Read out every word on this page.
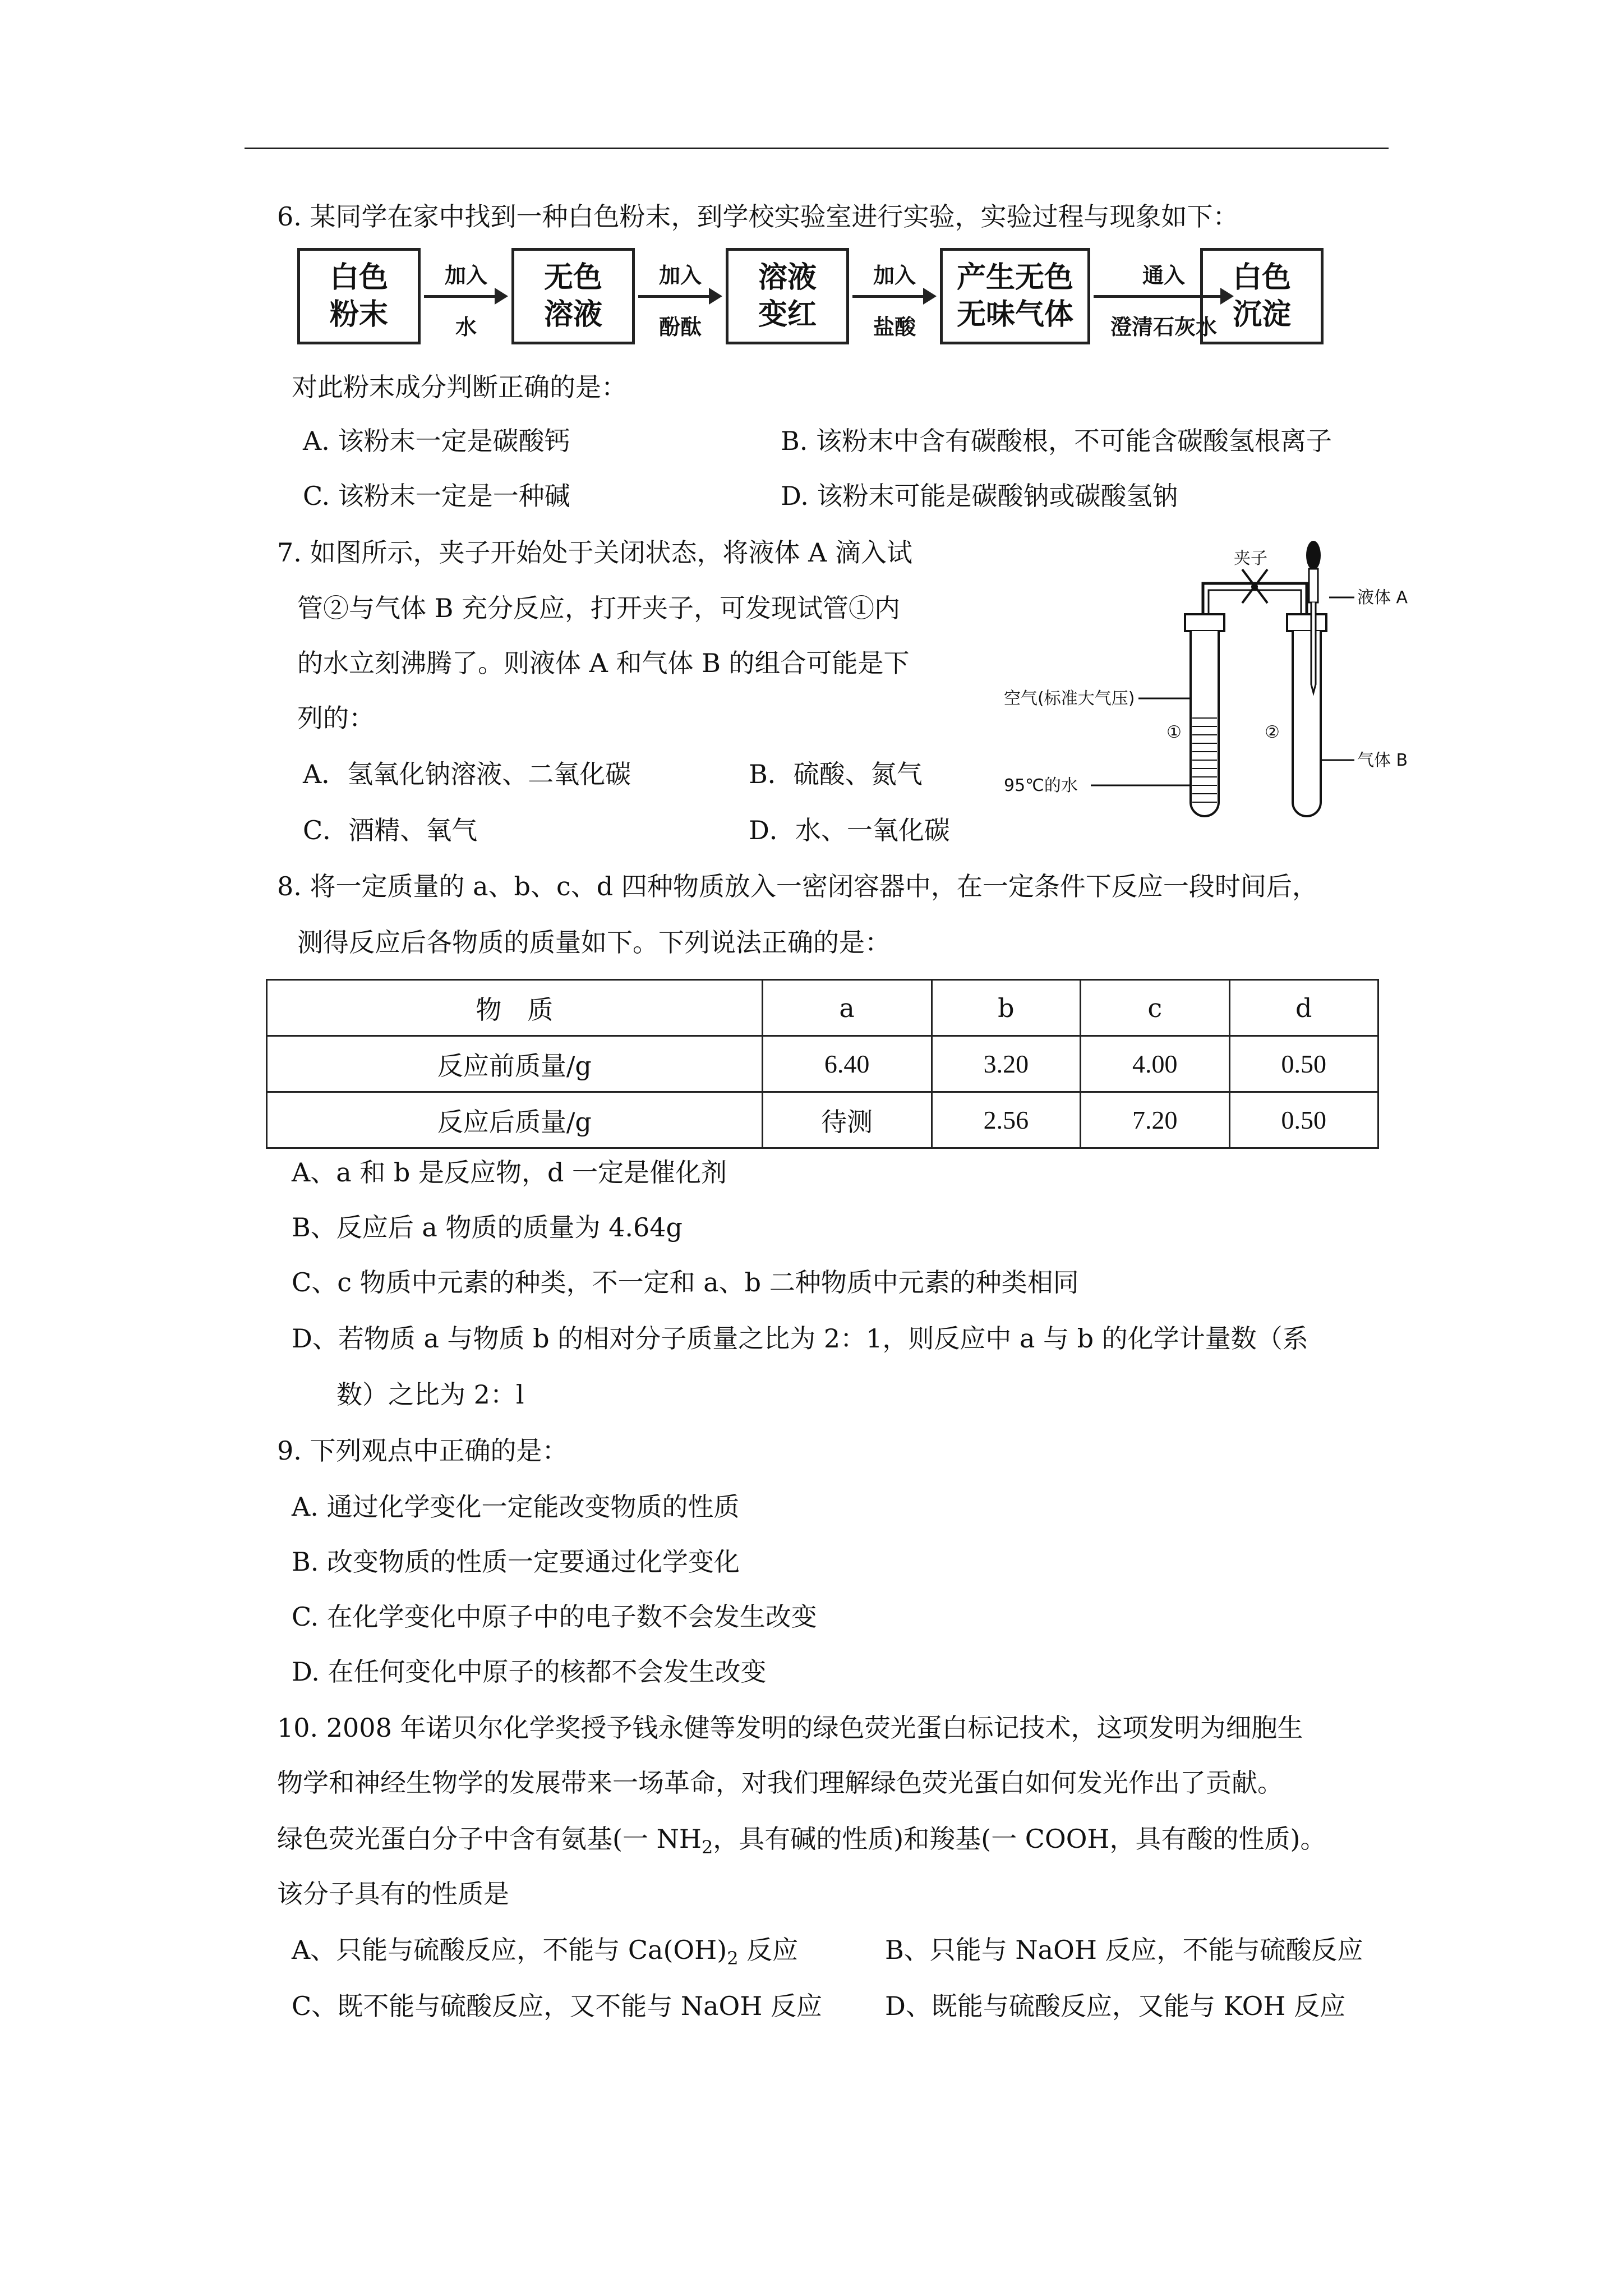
6. 某同学在家中找到一种白色粉末，到学校实验室进行实验，实验过程与现象如下：
白色
粉末
加入
水
无色
溶液
加入
酚酞
溶液
变红
加入
盐酸
产生无色
无味气体
通入
澄清石灰水
白色
沉淀
对此粉末成分判断正确的是：
A. 该粉末一定是碳酸钙	B. 该粉末中含有碳酸根，不可能含碳酸氢根离子
C. 该粉末一定是一种碱	D. 该粉末可能是碳酸钠或碳酸氢钠
7. 如图所示，夹子开始处于关闭状态，将液体 A 滴入试
管②与气体 B 充分反应，打开夹子，可发现试管①内
的水立刻沸腾了。则液体 A 和气体 B 的组合可能是下
列的：
A．氢氧化钠溶液、二氧化碳	B．硫酸、氮气
C．酒精、氧气	D．水、一氧化碳
夹子
液体 A
空气(标准大气压)
①	②
气体 B
95℃的水
8. 将一定质量的 a、b、c、d 四种物质放入一密闭容器中，在一定条件下反应一段时间后，
测得反应后各物质的质量如下。下列说法正确的是：
物　质	a	b	c	d
反应前质量/g	6.40	3.20	4.00	0.50
反应后质量/g	待测	2.56	7.20	0.50
A、a 和 b 是反应物，d 一定是催化剂
B、反应后 a 物质的质量为 4.64g
C、c 物质中元素的种类，不一定和 a、b 二种物质中元素的种类相同
D、若物质 a 与物质 b 的相对分子质量之比为 2：1，则反应中 a 与 b 的化学计量数（系
数）之比为 2：l
9. 下列观点中正确的是：
A. 通过化学变化一定能改变物质的性质
B. 改变物质的性质一定要通过化学变化
C. 在化学变化中原子中的电子数不会发生改变
D. 在任何变化中原子的核都不会发生改变
10. 2008 年诺贝尔化学奖授予钱永健等发明的绿色荧光蛋白标记技术，这项发明为细胞生
物学和神经生物学的发展带来一场革命，对我们理解绿色荧光蛋白如何发光作出了贡献。
绿色荧光蛋白分子中含有氨基(一 $NH_2$，具有碱的性质)和羧基(一 COOH，具有酸的性质)。
该分子具有的性质是
A、只能与硫酸反应，不能与 $Ca(OH)_2$ 反应	B、只能与 NaOH 反应，不能与硫酸反应
C、既不能与硫酸反应，又不能与 NaOH 反应 D、既能与硫酸反应，又能与 KOH 反应
